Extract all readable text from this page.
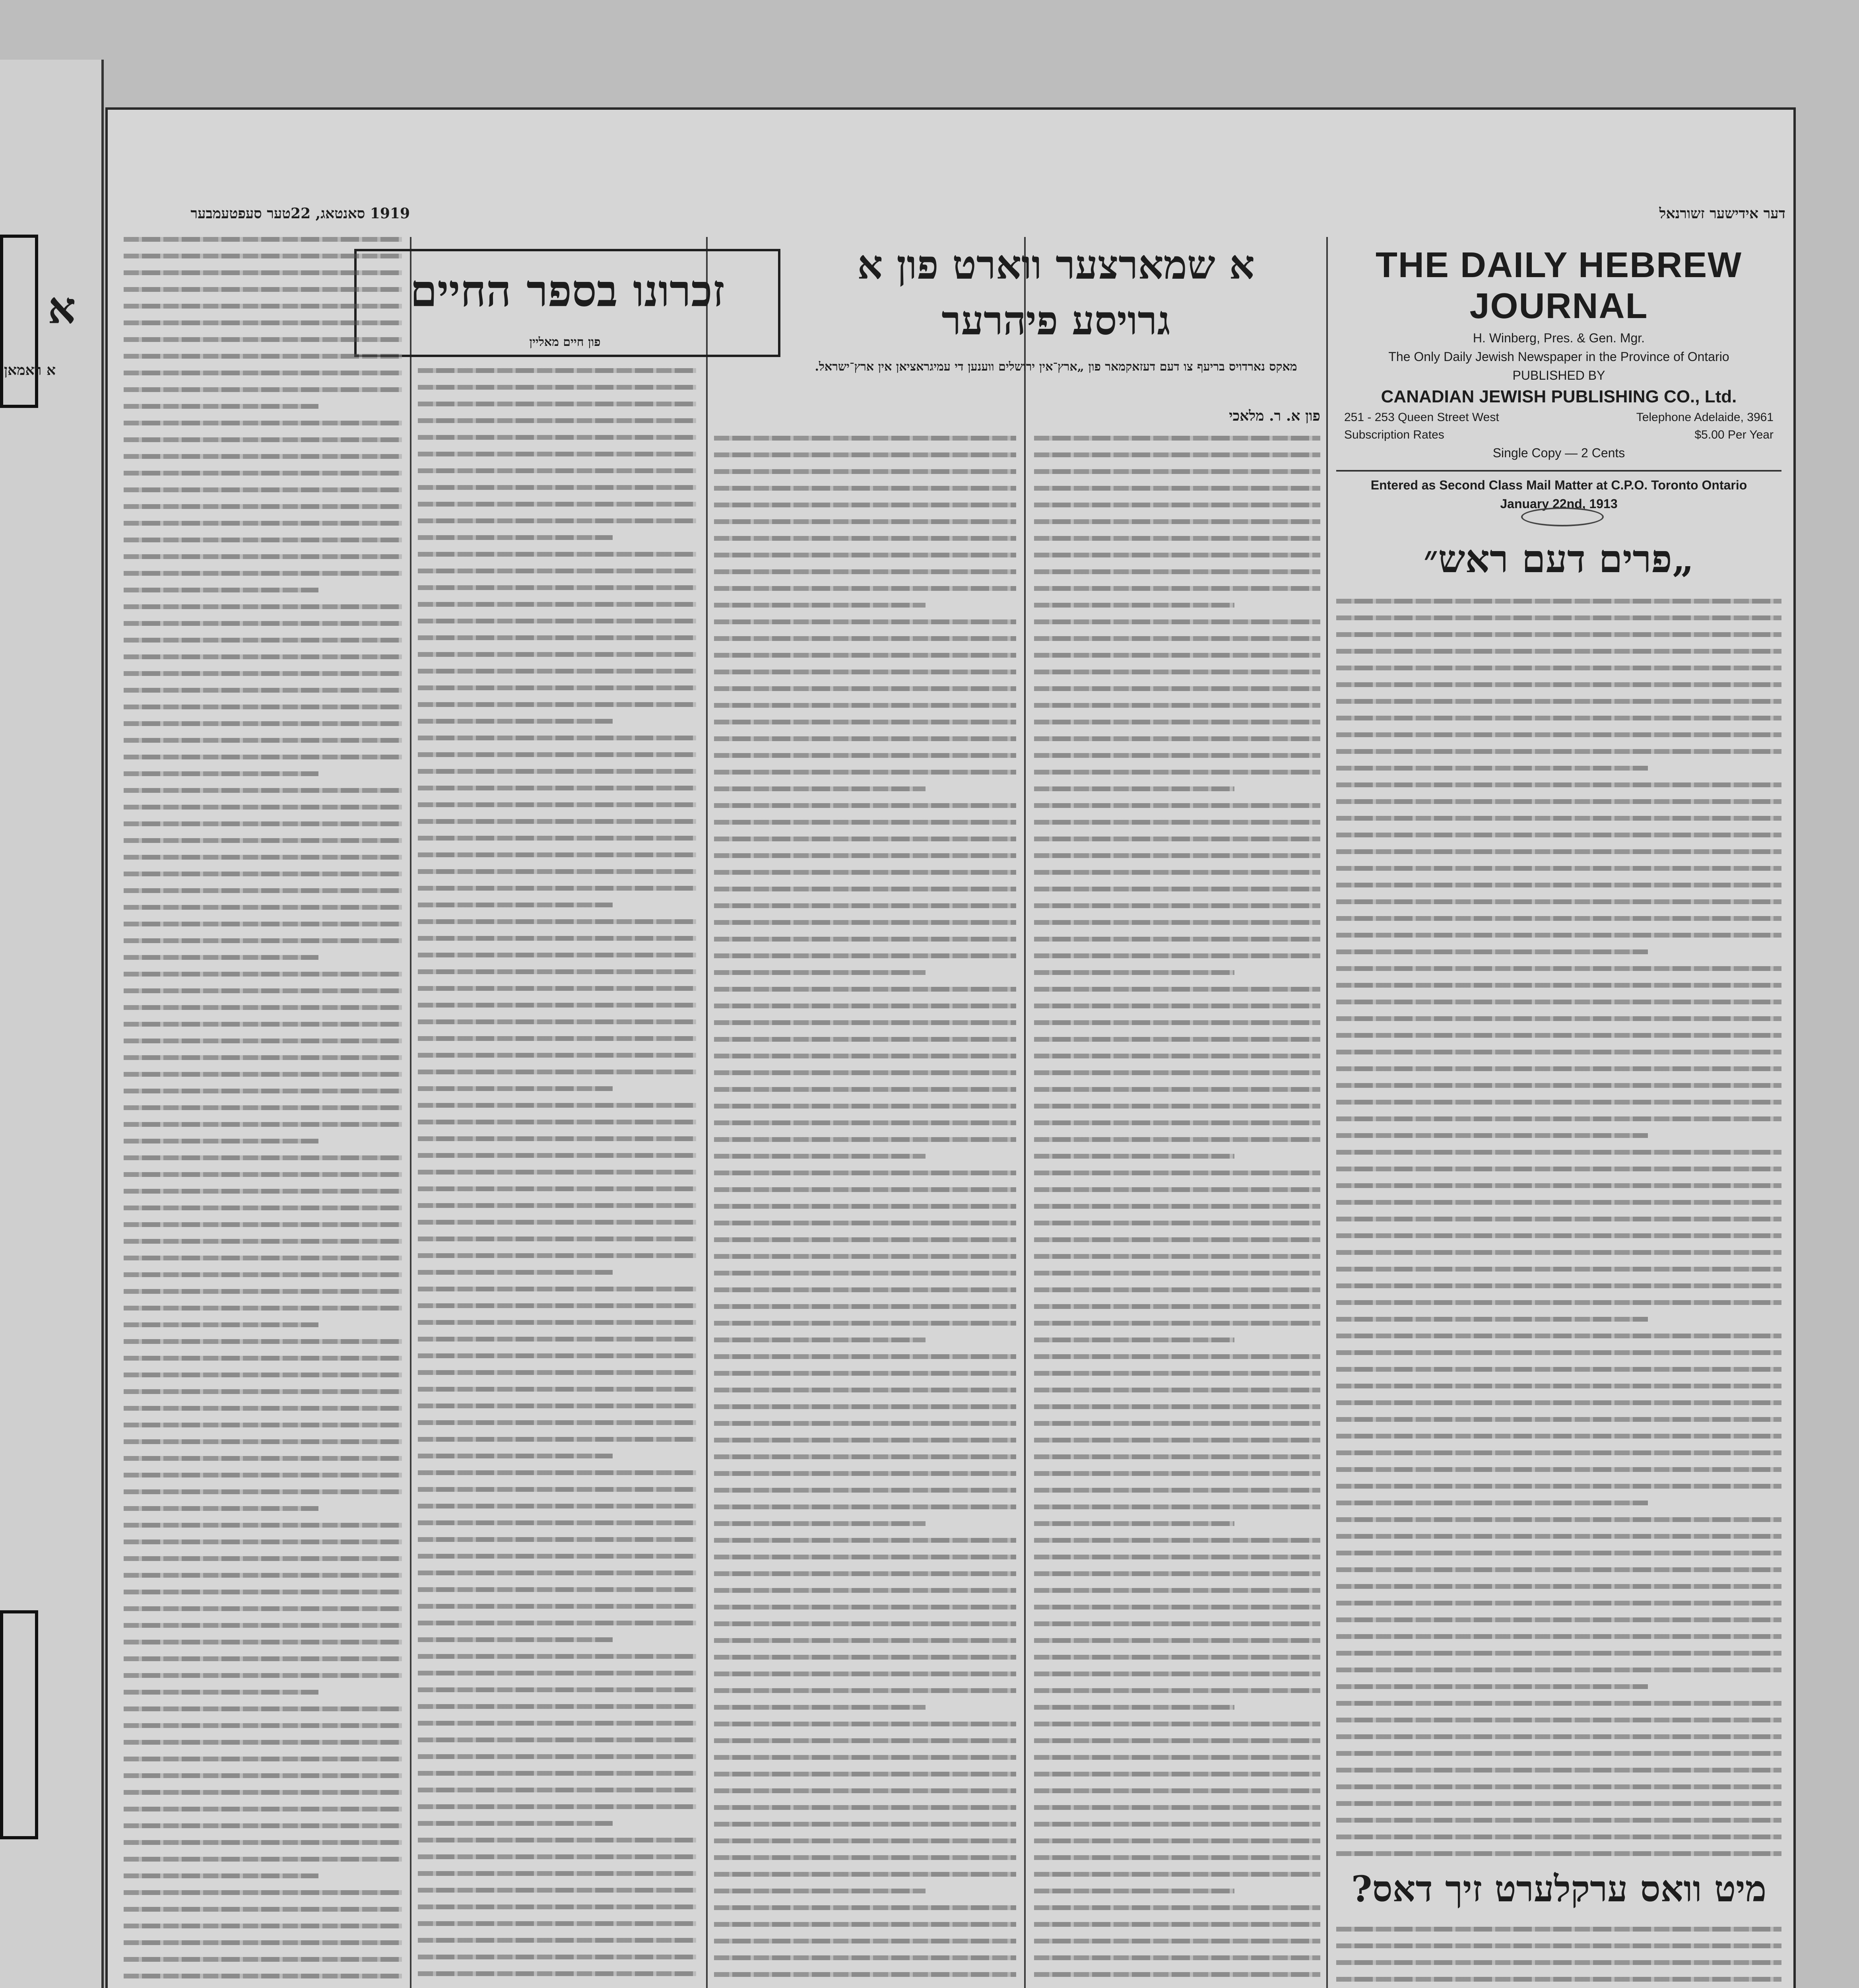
א
א ראמאן
1919 סאנטאג, 22טער סעפטעמבער	דער אידישער זשורנאל
THE DAILY HEBREW JOURNAL
H. Winberg, Pres. & Gen. Mgr.
The Only Daily Jewish Newspaper in the Province of Ontario
PUBLISHED BY
CANADIAN JEWISH PUBLISHING CO., Ltd.
251 - 253 Queen Street West	Telephone Adelaide, 3961
Subscription Rates	$5.00 Per Year
Single Copy — 2 Cents
Entered as Second Class Mail Matter at C.P.O. Toronto Ontario
January 22nd, 1913
„פרים דעם ראש״
מיט וואס ערקלערט זיך דאס?
א שמארצער ווארט פון א
גרויסע פיהרער
מאקס נארדויס בריעף צו דעם דעזאקמאר פון „ארץ־אין ירושלים ווענען די עמיגראציאן אין ארץ־ישראל.
פון א. ר. מלאכי
זכרונו בספר החיים
פון חיים מאליין
